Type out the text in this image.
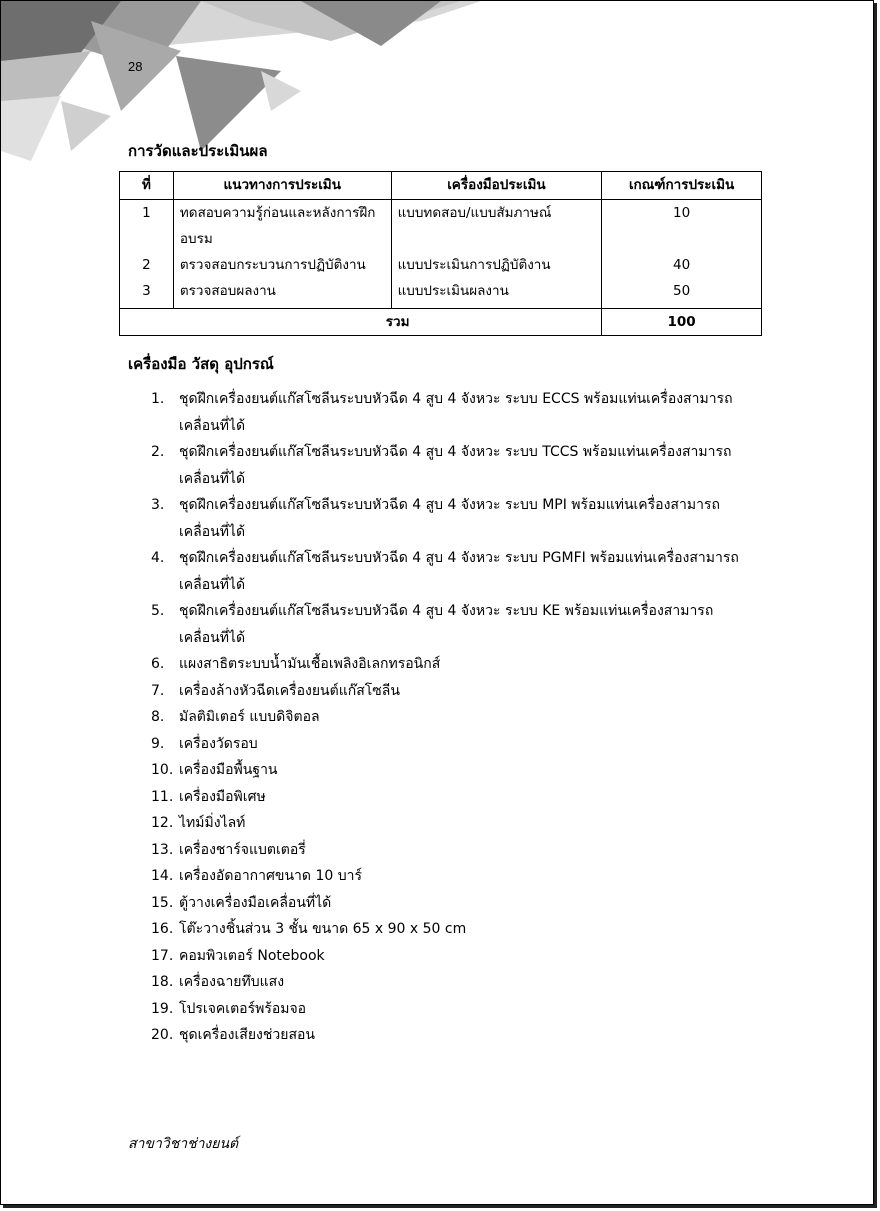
28
การวัดและประเมินผล
ที่	แนวทางการประเมิน	เครื่องมือประเมิน	เกณฑ์การประเมิน
1	ทดสอบความรู้ก่อนและหลังการฝึกอบรม	แบบทดสอบ/แบบสัมภาษณ์	10
2	ตรวจสอบกระบวนการปฏิบัติงาน	แบบประเมินการปฏิบัติงาน	40
3	ตรวจสอบผลงาน	แบบประเมินผลงาน	50
รวม			100
เครื่องมือ วัสดุ อุปกรณ์
1.	ชุดฝึกเครื่องยนต์แก๊สโซลีนระบบหัวฉีด 4 สูบ 4 จังหวะ ระบบ ECCS พร้อมแท่นเครื่องสามารถเคลื่อนที่ได้
2.	ชุดฝึกเครื่องยนต์แก๊สโซลีนระบบหัวฉีด 4 สูบ 4 จังหวะ ระบบ TCCS พร้อมแท่นเครื่องสามารถเคลื่อนที่ได้
3.	ชุดฝึกเครื่องยนต์แก๊สโซลีนระบบหัวฉีด 4 สูบ 4 จังหวะ ระบบ MPI พร้อมแท่นเครื่องสามารถเคลื่อนที่ได้
4.	ชุดฝึกเครื่องยนต์แก๊สโซลีนระบบหัวฉีด 4 สูบ 4 จังหวะ ระบบ PGMFI พร้อมแท่นเครื่องสามารถเคลื่อนที่ได้
5.	ชุดฝึกเครื่องยนต์แก๊สโซลีนระบบหัวฉีด 4 สูบ 4 จังหวะ ระบบ KE พร้อมแท่นเครื่องสามารถเคลื่อนที่ได้
6.	แผงสาธิตระบบน้ำมันเชื้อเพลิงอิเลกทรอนิกส์
7.	เครื่องล้างหัวฉีดเครื่องยนต์แก๊สโซลีน
8.	มัลติมิเตอร์ แบบดิจิตอล
9.	เครื่องวัดรอบ
10. เครื่องมือพื้นฐาน
11. เครื่องมือพิเศษ
12. ไทม์มิ่งไลท์
13. เครื่องชาร์จแบตเตอรี่
14. เครื่องอัดอากาศขนาด 10 บาร์
15. ตู้วางเครื่องมือเคลื่อนที่ได้
16. โต๊ะวางชิ้นส่วน 3 ชั้น ขนาด 65 x 90 x 50 cm
17. คอมพิวเตอร์ Notebook
18. เครื่องฉายทึบแสง
19. โปรเจคเตอร์พร้อมจอ
20. ชุดเครื่องเสียงช่วยสอน
สาขาวิชาช่างยนต์
